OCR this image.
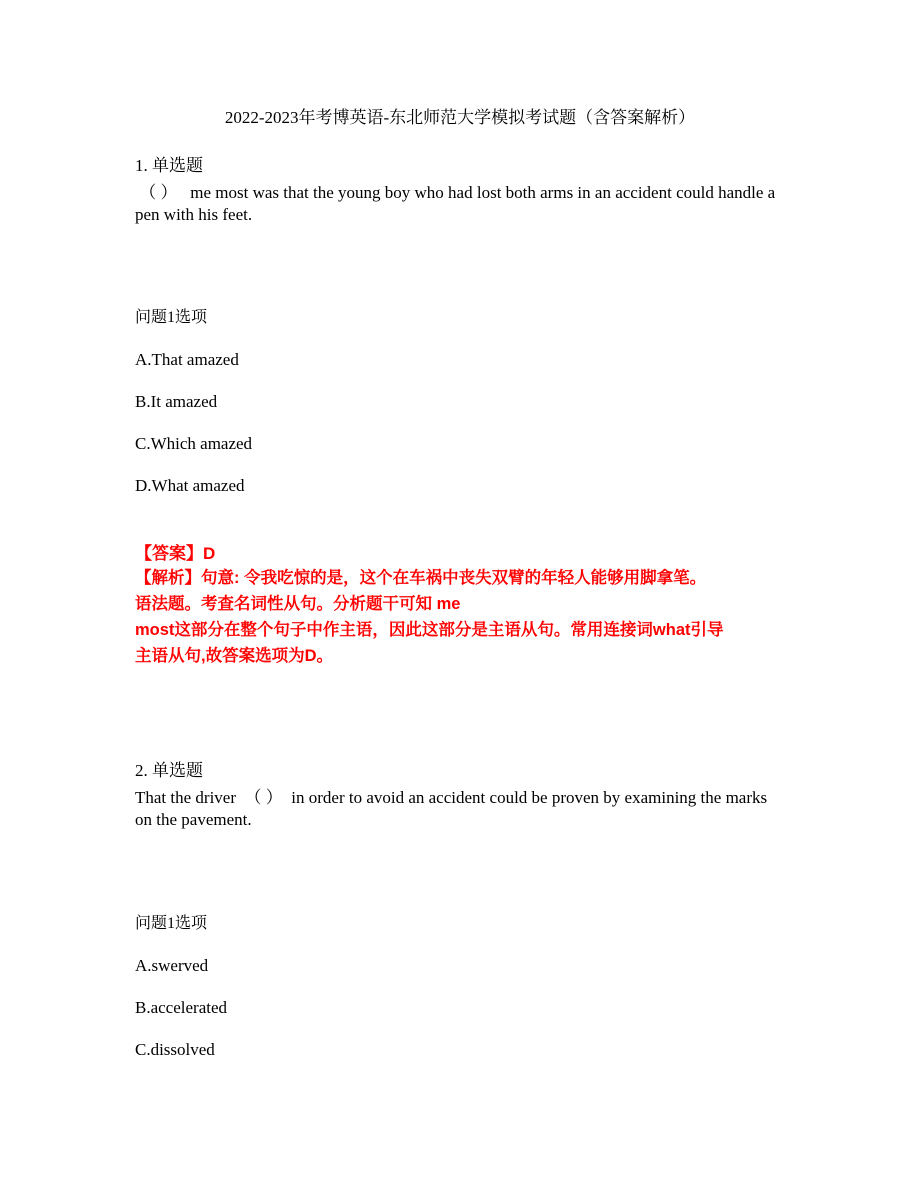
2022-2023年考博英语-东北师范大学模拟考试题（含答案解析）
1. 单选题
（ ）　 me most was that the young boy who had lost both arms in an accident could handle a pen with his feet.
问题1选项
A.That amazed
B.It amazed
C.Which amazed
D.What amazed
【答案】D
【解析】句意: 令我吃惊的是，这个在车祸中丧失双臂的年轻人能够用脚拿笔。
语法题。考查名词性从句。分析题干可知 me
most这部分在整个句子中作主语，因此这部分是主语从句。常用连接词what引导
主语从句,故答案选项为D。
2. 单选题
That the driver　（ ）　in order to avoid an accident could be proven by examining the marks on the pavement.
问题1选项
A.swerved
B.accelerated
C.dissolved
